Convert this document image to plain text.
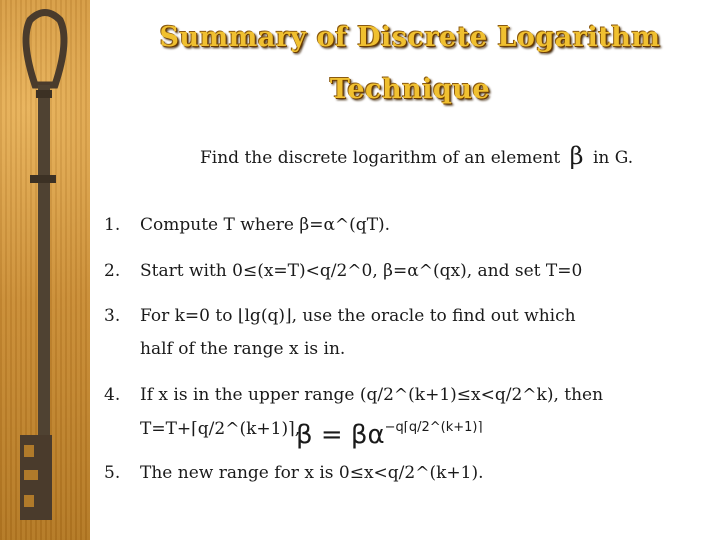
Summary of Discrete Logarithm
Technique
Find the discrete logarithm of an element β in G.
1.	Compute T where β=α^(qT).
2.	Start with 0≤(x=T)<q/2^0, β=α^(qx), and set T=0
3.	For k=0 to ⌊lg(q)⌋, use the oracle to find out which
half of the range x is in.
4.	If x is in the upper range (q/2^(k+1)≤x<q/2^k), then
T=T+⌈q/2^(k+1)⌉,
$\beta = \beta\alpha^{-q⌈q/2\^{}(k+1)⌉}$
5.	The new range for x is 0≤x<q/2^(k+1).
